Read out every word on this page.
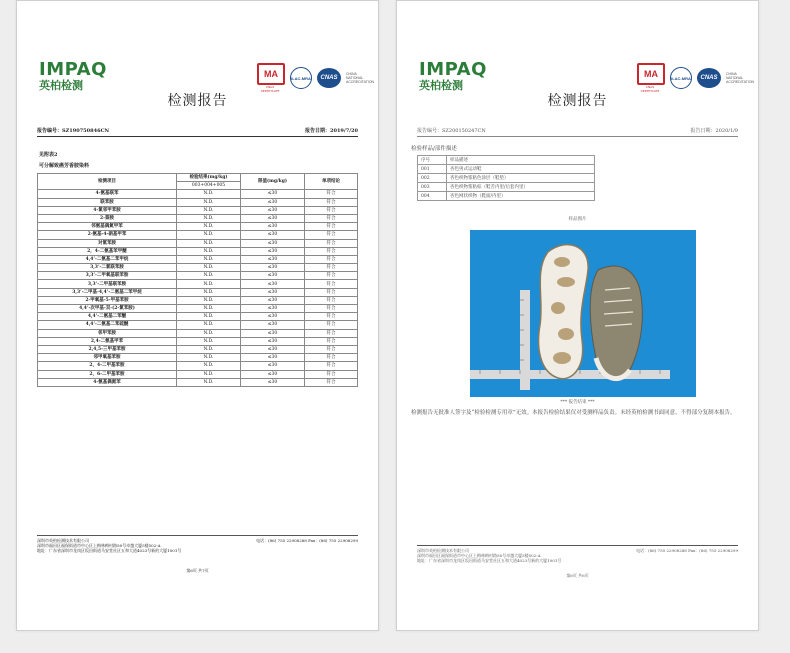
IMPAQ
英柏检测
MA
CNAS CERTIFICATE
ILAC-MRA	CNAS
CHINA NATIONAL ACCREDITATION
检测报告
报告编号：SZ190750846CN	报告日期：2019/7/20
见附表2
可分解致癌芳香胺染料
检测项目	检验结果(mg/kg)	限值(mg/kg)	单项结论
	003+004+005		
4-氨基联苯	N.D.	≤30	符合
联苯胺	N.D.	≤30	符合
4-氯邻甲苯胺	N.D.	≤30	符合
2-萘胺	N.D.	≤30	符合
邻氨基偶氮甲苯	N.D.	≤30	符合
2-氨基-4-硝基甲苯	N.D.	≤30	符合
对氯苯胺	N.D.	≤30	符合
2，4-二氨基苯甲醚	N.D.	≤30	符合
4,4’-二氨基二苯甲烷	N.D.	≤30	符合
3,3’-二氯联苯胺	N.D.	≤30	符合
3,3’-二甲氧基联苯胺	N.D.	≤30	符合
3,3’-二甲基联苯胺	N.D.	≤30	符合
3,3’-二甲基-4,4’-二氨基二苯甲烷	N.D.	≤30	符合
2-甲氧基-5-甲基苯胺	N.D.	≤30	符合
4,4’-次甲基-双-(2-氯苯胺)	N.D.	≤30	符合
4,4’-二氨基二苯醚	N.D.	≤30	符合
4,4’-二氨基二苯硫醚	N.D.	≤30	符合
邻甲苯胺	N.D.	≤30	符合
2,4-二氨基甲苯	N.D.	≤30	符合
2,4,5-三甲基苯胺	N.D.	≤30	符合
邻甲氧基苯胺	N.D.	≤30	符合
2，4-二甲基苯胺	N.D.	≤30	符合
2，6-二甲基苯胺	N.D.	≤30	符合
4-氨基偶氮苯	N.D.	≤30	符合
深圳市英柏检测技术有限公司	电话：(86) 755 22908288 Fax：(86) 755 22908299
深圳市福田区福保街道市中心区上梅林梅村路58号卓越大厦5楼502-A
地址：广东省深圳市龙岗区坂田街道马安堂社区五和大道4023号新的大厦1001号
第6页 共7页
IMPAQ
英柏检测
MA
CNAS CERTIFICATE
ILAC-MRA	CNAS
CHINA NATIONAL ACCREDITATION
检测报告
报告编号：SZ200150247CN	报告日期：2020/1/9
检验样品/部件描述
序号	样品描述
001	杏色男式运动鞋
002	杏色织物浆粘色涂层（鞋垫）
003	杏色织物浆粘棕（鞋舌内里/后套内里）
004	杏色网状织物（鞋面/内里）
样品图片
*** 报告结束 ***
检测报告无批准人签字及“检验检测专用章”无效。本报告检验结果仅对受测样品负责。未经英柏检测书面同意，不得部分复制本报告。
深圳市英柏检测技术有限公司	电话：(86) 755 22908288 Fax：(86) 755 22908299
深圳市福田区福保街道市中心区上梅林梅村路58号卓越大厦5楼502-A
地址：广东省深圳市龙岗区坂田街道马安堂社区五和大道4023号新的大厦1001号
第6页 共6页
